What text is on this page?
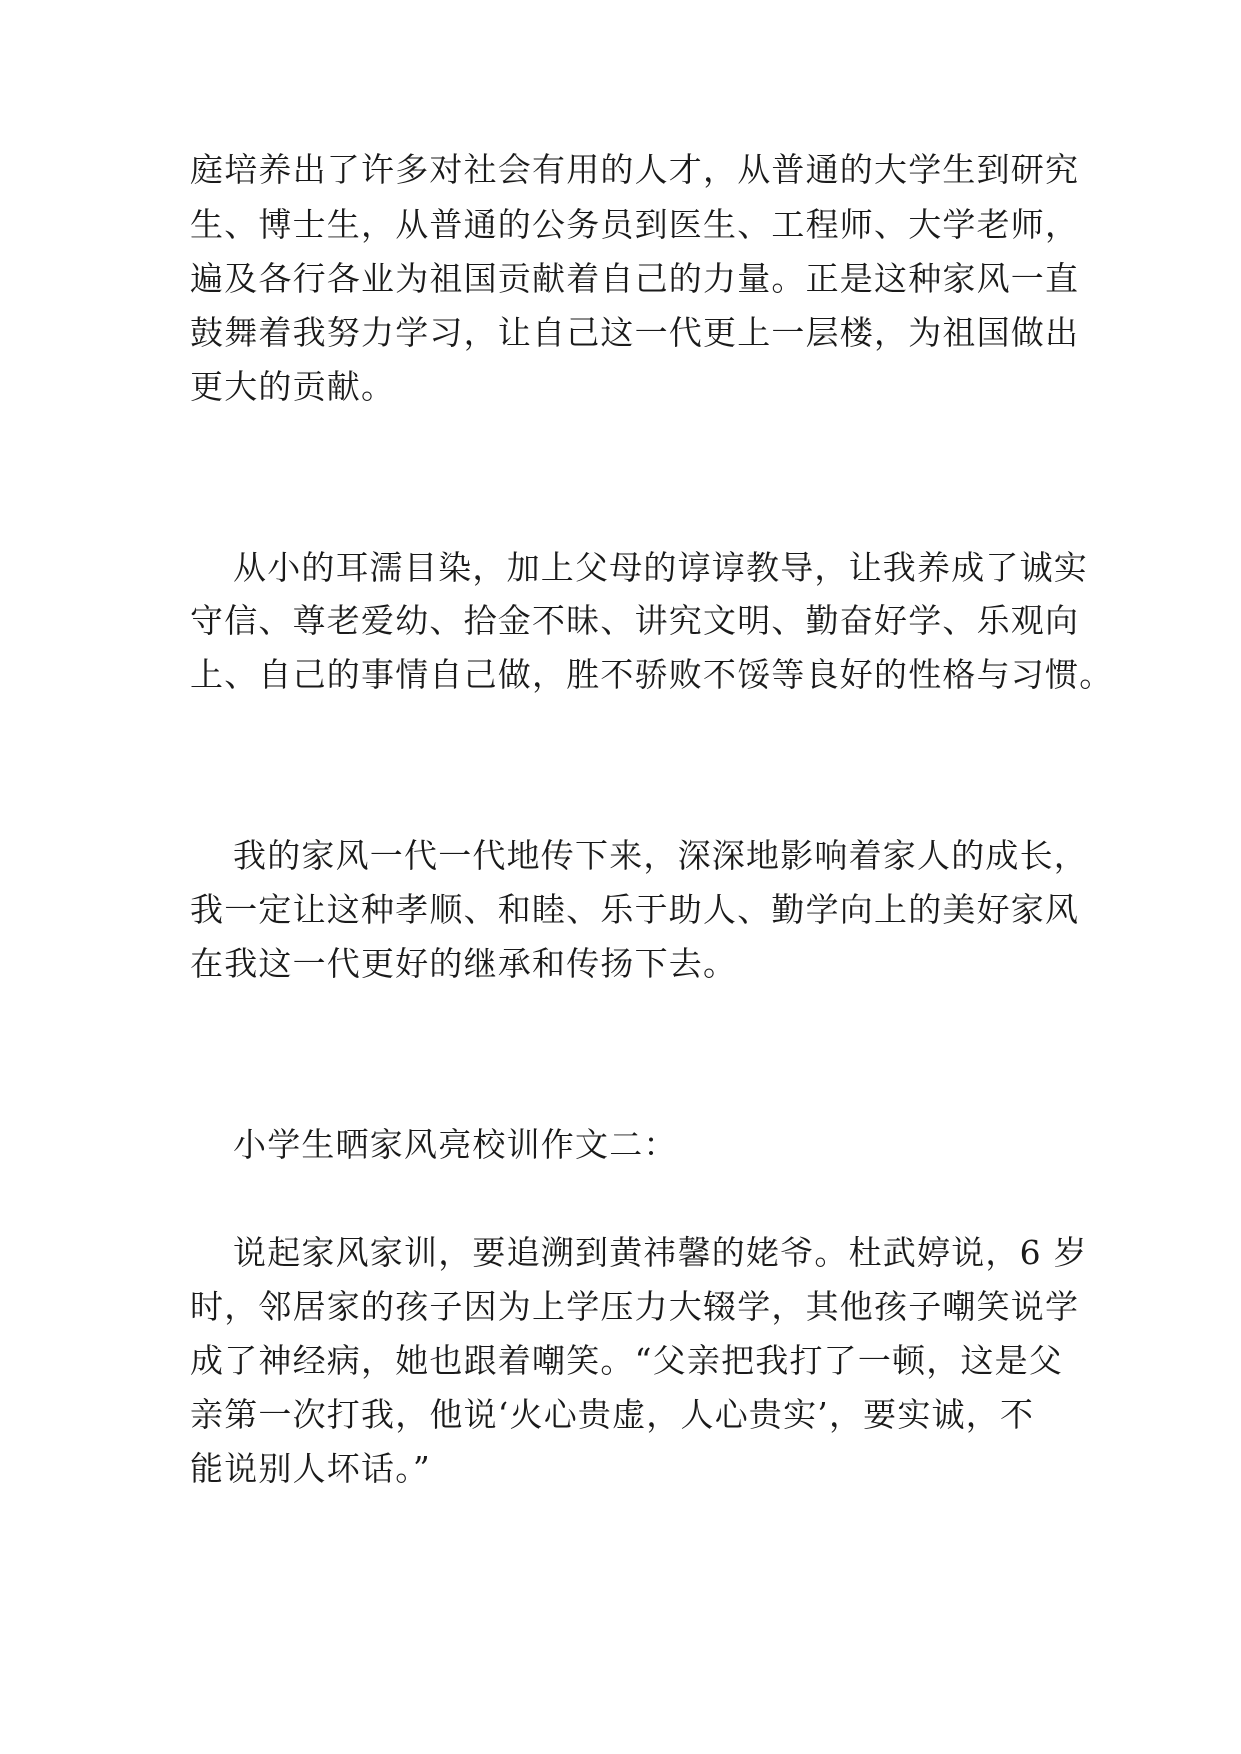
庭培养出了许多对社会有用的人才，从普通的大学生到研究
生、博士生，从普通的公务员到医生、工程师、大学老师，
遍及各行各业为祖国贡献着自己的力量。正是这种家风一直
鼓舞着我努力学习，让自己这一代更上一层楼，为祖国做出
更大的贡献。
从小的耳濡目染，加上父母的谆谆教导，让我养成了诚实
守信、尊老爱幼、拾金不昧、讲究文明、勤奋好学、乐观向
上、自己的事情自己做，胜不骄败不馁等良好的性格与习惯。
我的家风一代一代地传下来，深深地影响着家人的成长，
我一定让这种孝顺、和睦、乐于助人、勤学向上的美好家风
在我这一代更好的继承和传扬下去。
小学生晒家风亮校训作文二：
说起家风家训，要追溯到黄祎馨的姥爷。杜武婷说，6 岁
时，邻居家的孩子因为上学压力大辍学，其他孩子嘲笑说学
成了神经病，她也跟着嘲笑。“父亲把我打了一顿，这是父
亲第一次打我，他说‘火心贵虚，人心贵实’，要实诚，不
能说别人坏话。”
